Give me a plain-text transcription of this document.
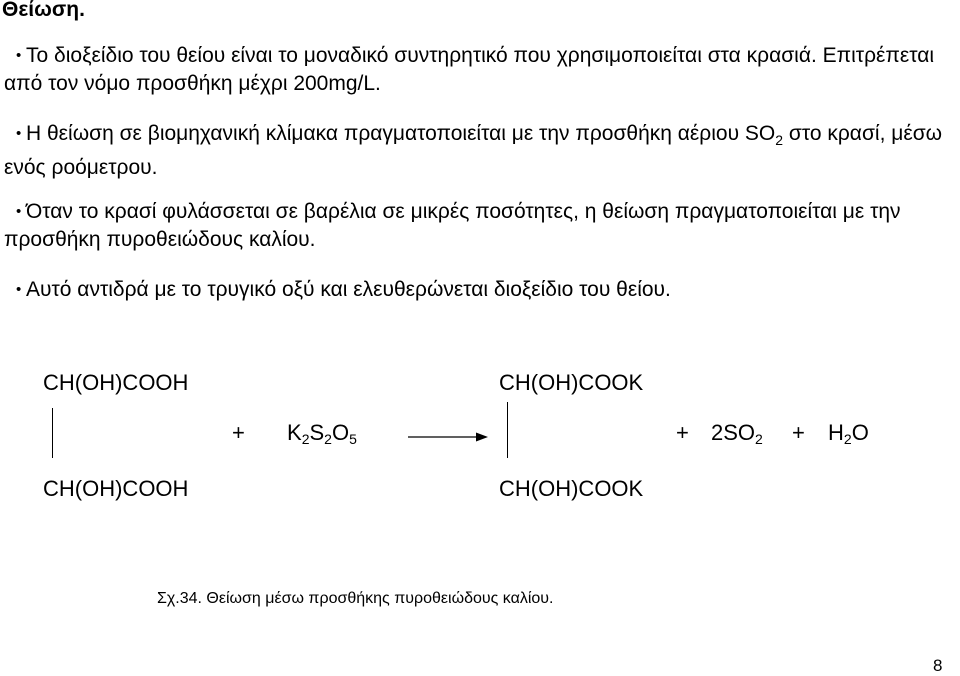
Θείωση.
• Το διοξείδιο του θείου είναι το μοναδικό συντηρητικό που χρησιμοποιείται στα κρασιά. Επιτρέπεται από τον νόμο προσθήκη μέχρι 200mg/L.
• Η θείωση σε βιομηχανική κλίμακα πραγματοποιείται με την προσθήκη αέριου $SO_2$ στο κρασί, μέσω ενός ροόμετρου.
• Όταν το κρασί φυλάσσεται σε βαρέλια σε μικρές ποσότητες, η θείωση πραγματοποιείται με την προσθήκη πυροθειώδους καλίου.
• Αυτό αντιδρά με το τρυγικό οξύ και ελευθερώνεται διοξείδιο του θείου.
CH(OH)COOH
CH(OH)COOH
+ $K_2S_2O_5$
CH(OH)COOK
CH(OH)COOK
+ $2SO_2 + H_2O$
Σχ.34. Θείωση μέσω προσθήκης πυροθειώδους καλίου.
8
